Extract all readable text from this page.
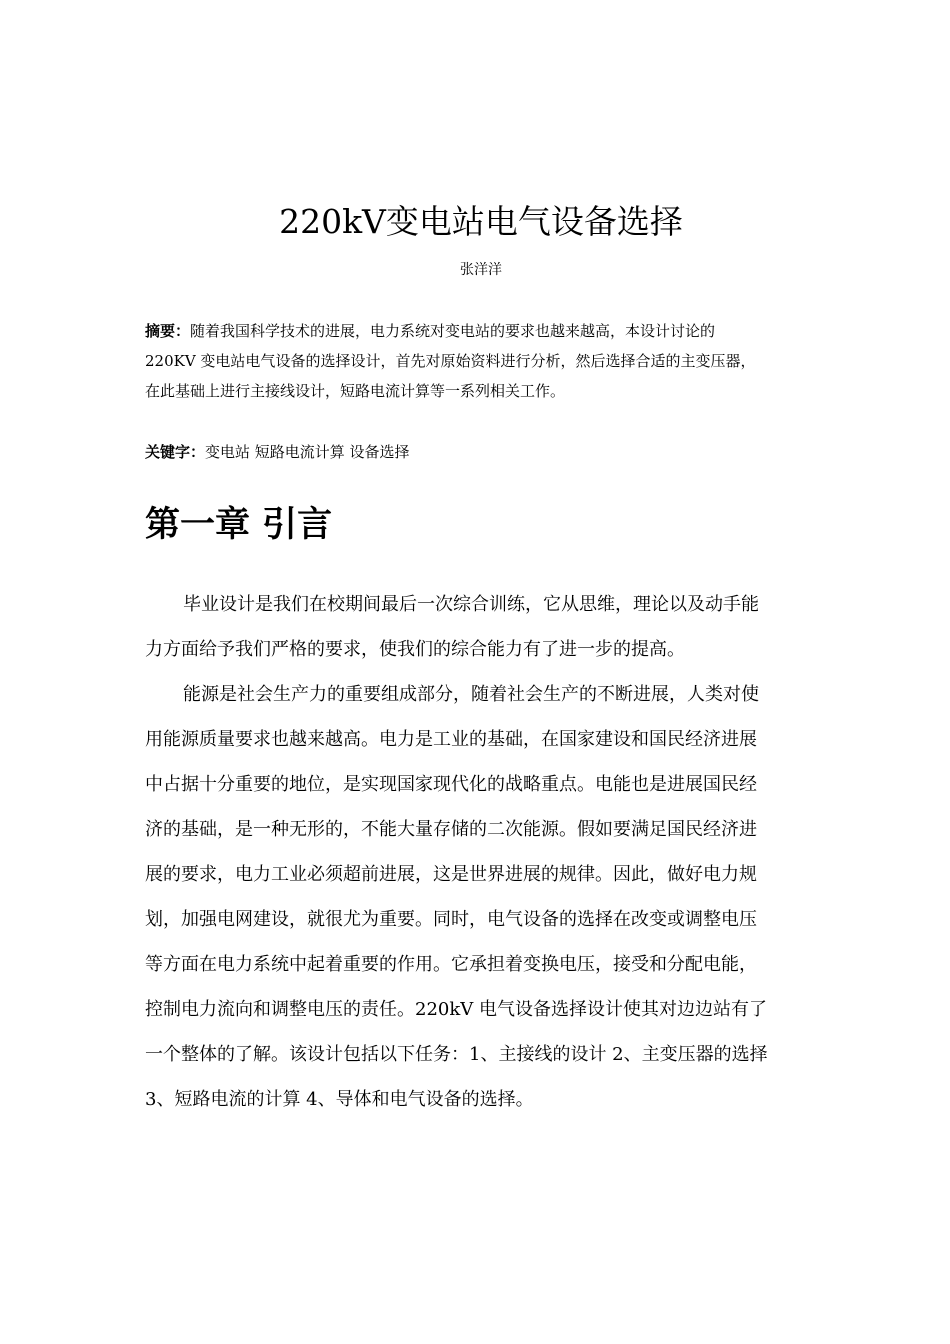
220kV变电站电气设备选择
张洋洋
摘要：随着我国科学技术的进展，电力系统对变电站的要求也越来越高，本设计讨论的
220KV 变电站电气设备的选择设计，首先对原始资料进行分析，然后选择合适的主变压器，
在此基础上进行主接线设计，短路电流计算等一系列相关工作。
关键字：变电站 短路电流计算 设备选择
第一章 引言
毕业设计是我们在校期间最后一次综合训练，它从思维，理论以及动手能
力方面给予我们严格的要求，使我们的综合能力有了进一步的提高。
能源是社会生产力的重要组成部分，随着社会生产的不断进展，人类对使
用能源质量要求也越来越高。电力是工业的基础，在国家建设和国民经济进展
中占据十分重要的地位，是实现国家现代化的战略重点。电能也是进展国民经
济的基础，是一种无形的，不能大量存储的二次能源。假如要满足国民经济进
展的要求，电力工业必须超前进展，这是世界进展的规律。因此，做好电力规
划，加强电网建设，就很尤为重要。同时，电气设备的选择在改变或调整电压
等方面在电力系统中起着重要的作用。它承担着变换电压，接受和分配电能，
控制电力流向和调整电压的责任。220kV 电气设备选择设计使其对边边站有了
一个整体的了解。该设计包括以下任务：1、主接线的设计 2、主变压器的选择
3、短路电流的计算 4、导体和电气设备的选择。
